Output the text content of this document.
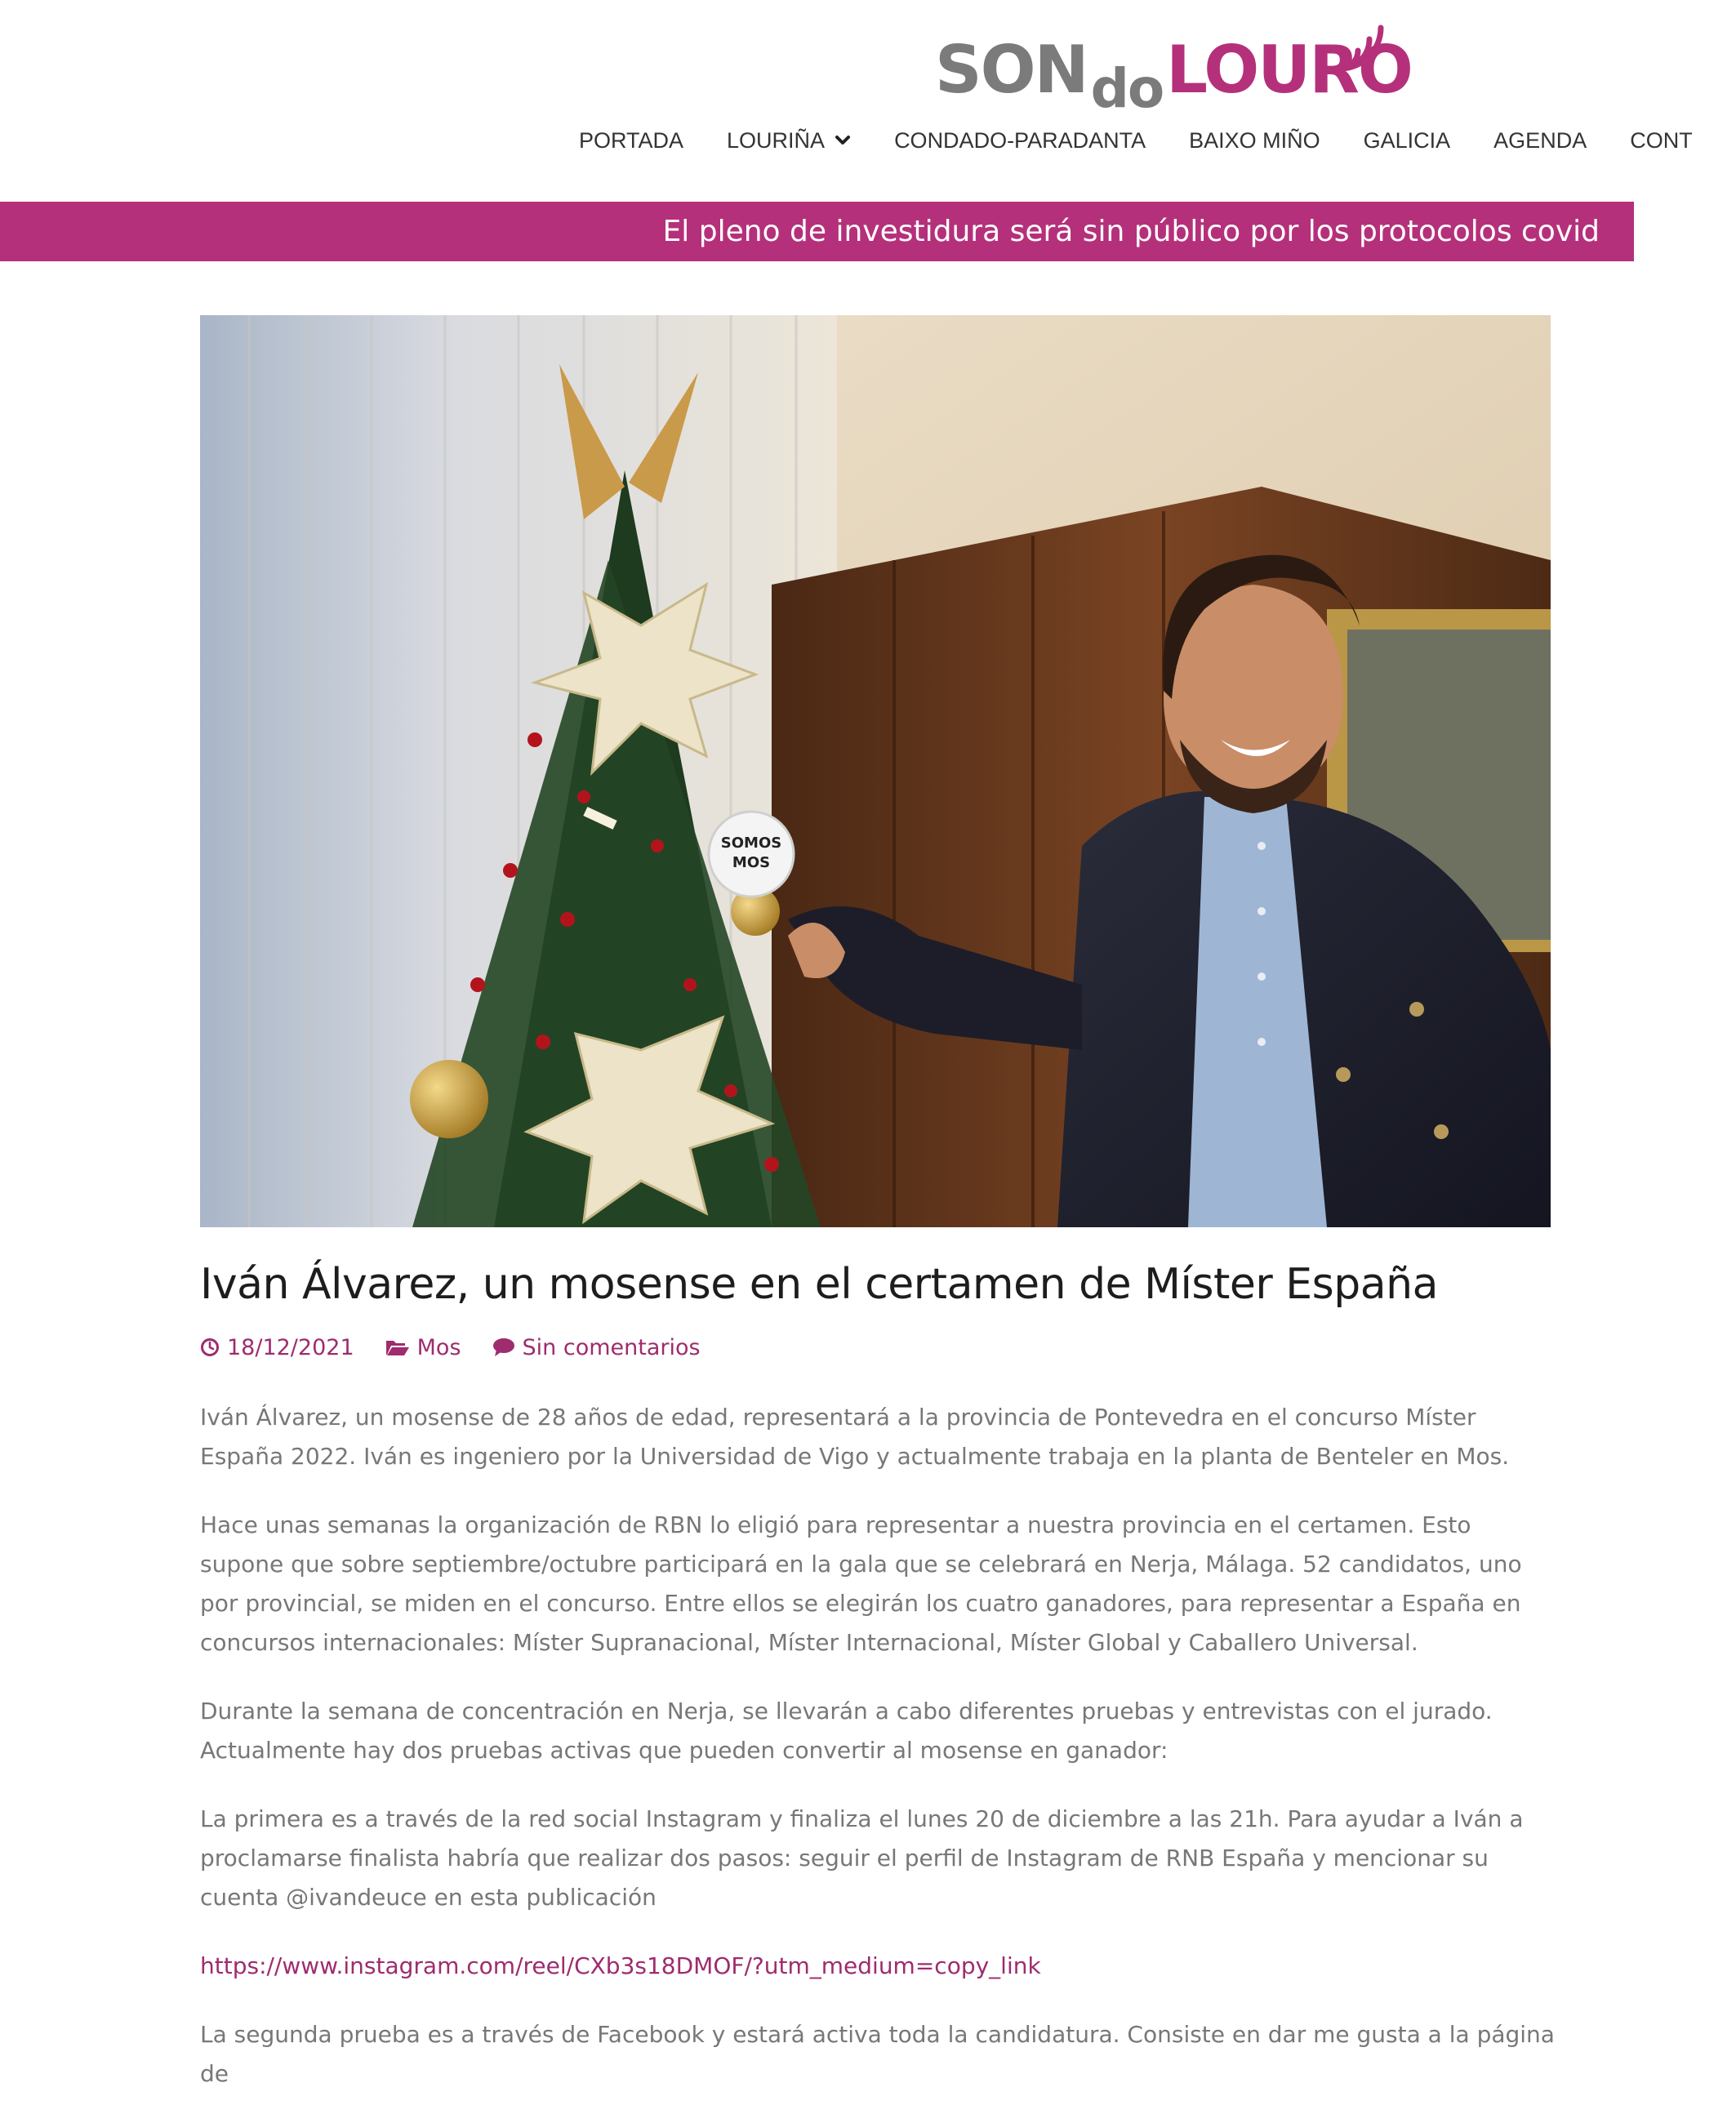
SON do LOURO
PORTADA LOURIÑA	CONDADO-PARADANTA BAIXO MIÑO GALICIA AGENDA CONT
El pleno de investidura será sin público por los protocolos covid
SOMOS
MOS
Iván Álvarez, un mosense en el certamen de Míster España
18/12/2021	Mos	Sin comentarios

Iván Álvarez, un mosense de 28 años de edad, representará a la provincia de Pontevedra en el concurso Míster España 2022. Iván es ingeniero por la Universidad de Vigo y actualmente trabaja en la planta de Benteler en Mos.

Hace unas semanas la organización de RBN lo eligió para representar a nuestra provincia en el certamen. Esto supone que sobre septiembre/octubre participará en la gala que se celebrará en Nerja, Málaga. 52 candidatos, uno por provincial, se miden en el concurso. Entre ellos se elegirán los cuatro ganadores, para representar a España en concursos internacionales: Míster Supranacional, Míster Internacional, Míster Global y Caballero Universal.

Durante la semana de concentración en Nerja, se llevarán a cabo diferentes pruebas y entrevistas con el jurado. Actualmente hay dos pruebas activas que pueden convertir al mosense en ganador:

La primera es a través de la red social Instagram y finaliza el lunes 20 de diciembre a las 21h. Para ayudar a Iván a proclamarse finalista habría que realizar dos pasos: seguir el perfil de Instagram de RNB España y mencionar su cuenta @ivandeuce en esta publicación

https://www.instagram.com/reel/CXb3s18DMOF/?utm_medium=copy_link

La segunda prueba es a través de Facebook y estará activa toda la candidatura. Consiste en dar me gusta a la página de
